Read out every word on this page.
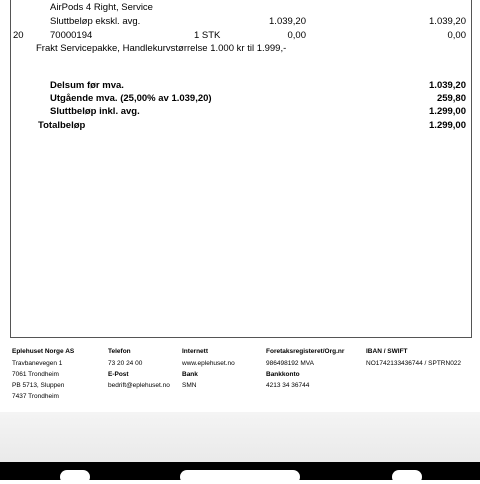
AirPods 4 Right, Service
Sluttbeløp ekskl. avg.	1.039,20	1.039,20
20	70000194	1 STK	0,00	0,00
Frakt Servicepakke, Handlekurvstørrelse 1.000 kr til 1.999,-
Delsum før mva.	1.039,20
Utgående mva. (25,00% av 1.039,20)	259,80
Sluttbeløp inkl. avg.	1.299,00
Totalbeløp	1.299,00
Eplehuset Norge AS
Travbanevegen 1
7061 Trondheim
PB 5713, Sluppen
7437 Trondheim
Telefon
73 20 24 00
E-Post
bedrift@eplehuset.no
Internett
www.eplehuset.no
Bank
SMN
Foretaksregisteret/Org.nr
986498192 MVA
Bankkonto
4213 34 36744
IBAN / SWIFT
NO1742133436744 / SPTRN022
